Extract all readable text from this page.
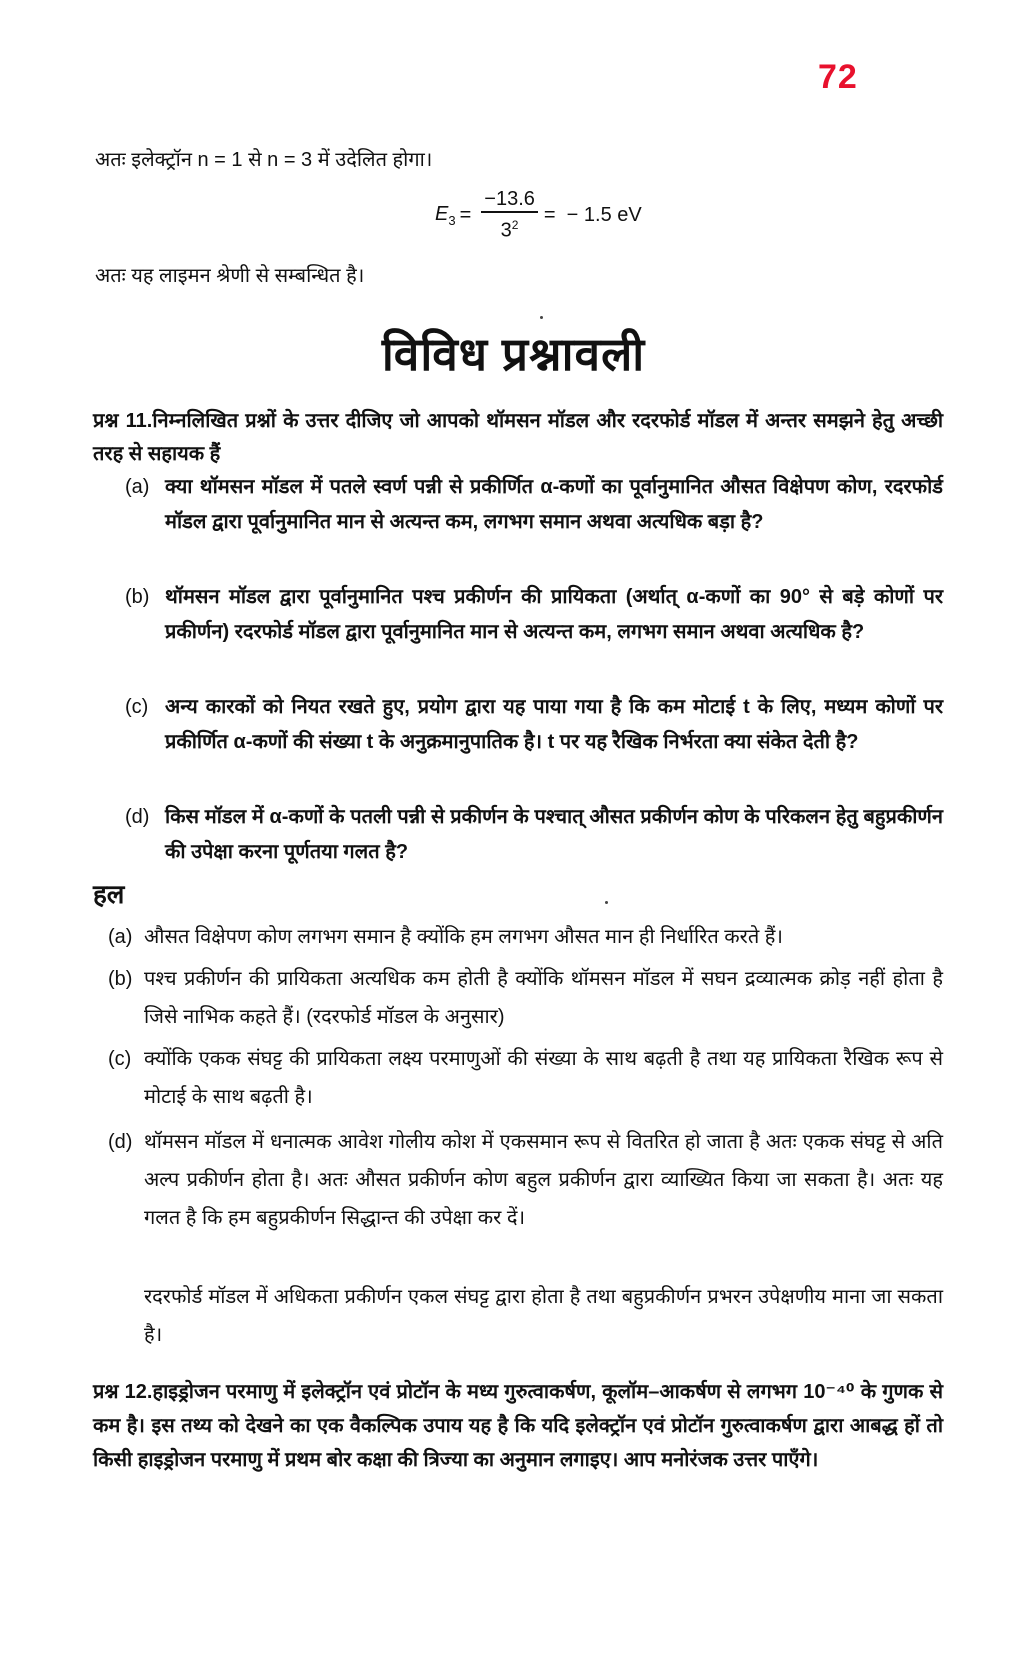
72
अतः इलेक्ट्रॉन n = 1 से n = 3 में उदेलित होगा।
$E_3 = \frac{-13.6}{3^2}$ =  − 1.5 eV
अतः यह लाइमन श्रेणी से सम्बन्धित है।
विविध प्रश्नावली
प्रश्न 11.निम्नलिखित प्रश्नों के उत्तर दीजिए जो आपको थॉमसन मॉडल और रदरफोर्ड मॉडल में अन्तर समझने हेतु अच्छी तरह से सहायक हैं
(a) क्या थॉमसन मॉडल में पतले स्वर्ण पन्नी से प्रकीर्णित α-कणों का पूर्वानुमानित औसत विक्षेपण कोण, रदरफोर्ड मॉडल द्वारा पूर्वानुमानित मान से अत्यन्त कम, लगभग समान अथवा अत्यधिक बड़ा है?
(b) थॉमसन मॉडल द्वारा पूर्वानुमानित पश्च प्रकीर्णन की प्रायिकता (अर्थात् α-कणों का 90° से बड़े कोणों पर प्रकीर्णन) रदरफोर्ड मॉडल द्वारा पूर्वानुमानित मान से अत्यन्त कम, लगभग समान अथवा अत्यधिक है?
(c) अन्य कारकों को नियत रखते हुए, प्रयोग द्वारा यह पाया गया है कि कम मोटाई t के लिए, मध्यम कोणों पर प्रकीर्णित α-कणों की संख्या t के अनुक्रमानुपातिक है। t पर यह रैखिक निर्भरता क्या संकेत देती है?
(d) किस मॉडल में α-कणों के पतली पन्नी से प्रकीर्णन के पश्चात् औसत प्रकीर्णन कोण के परिकलन हेतु बहुप्रकीर्णन की उपेक्षा करना पूर्णतया गलत है?
हल
(a) औसत विक्षेपण कोण लगभग समान है क्योंकि हम लगभग औसत मान ही निर्धारित करते हैं।
(b) पश्च प्रकीर्णन की प्रायिकता अत्यधिक कम होती है क्योंकि थॉमसन मॉडल में सघन द्रव्यात्मक क्रोड़ नहीं होता है जिसे नाभिक कहते हैं। (रदरफोर्ड मॉडल के अनुसार)
(c) क्योंकि एकक संघट्ट की प्रायिकता लक्ष्य परमाणुओं की संख्या के साथ बढ़ती है तथा यह प्रायिकता रैखिक रूप से मोटाई के साथ बढ़ती है।
(d) थॉमसन मॉडल में धनात्मक आवेश गोलीय कोश में एकसमान रूप से वितरित हो जाता है अतः एकक संघट्ट से अति अल्प प्रकीर्णन होता है। अतः औसत प्रकीर्णन कोण बहुल प्रकीर्णन द्वारा व्याख्यित किया जा सकता है। अतः यह गलत है कि हम बहुप्रकीर्णन सिद्धान्त की उपेक्षा कर दें।
रदरफोर्ड मॉडल में अधिकता प्रकीर्णन एकल संघट्ट द्वारा होता है तथा बहुप्रकीर्णन प्रभरन उपेक्षणीय माना जा सकता है।
प्रश्न 12.हाइड्रोजन परमाणु में इलेक्ट्रॉन एवं प्रोटॉन के मध्य गुरुत्वाकर्षण, कूलॉम–आकर्षण से लगभग 10⁻⁴⁰ के गुणक से कम है। इस तथ्य को देखने का एक वैकल्पिक उपाय यह है कि यदि इलेक्ट्रॉन एवं प्रोटॉन गुरुत्वाकर्षण द्वारा आबद्ध हों तो किसी हाइड्रोजन परमाणु में प्रथम बोर कक्षा की त्रिज्या का अनुमान लगाइए। आप मनोरंजक उत्तर पाएँगे।
